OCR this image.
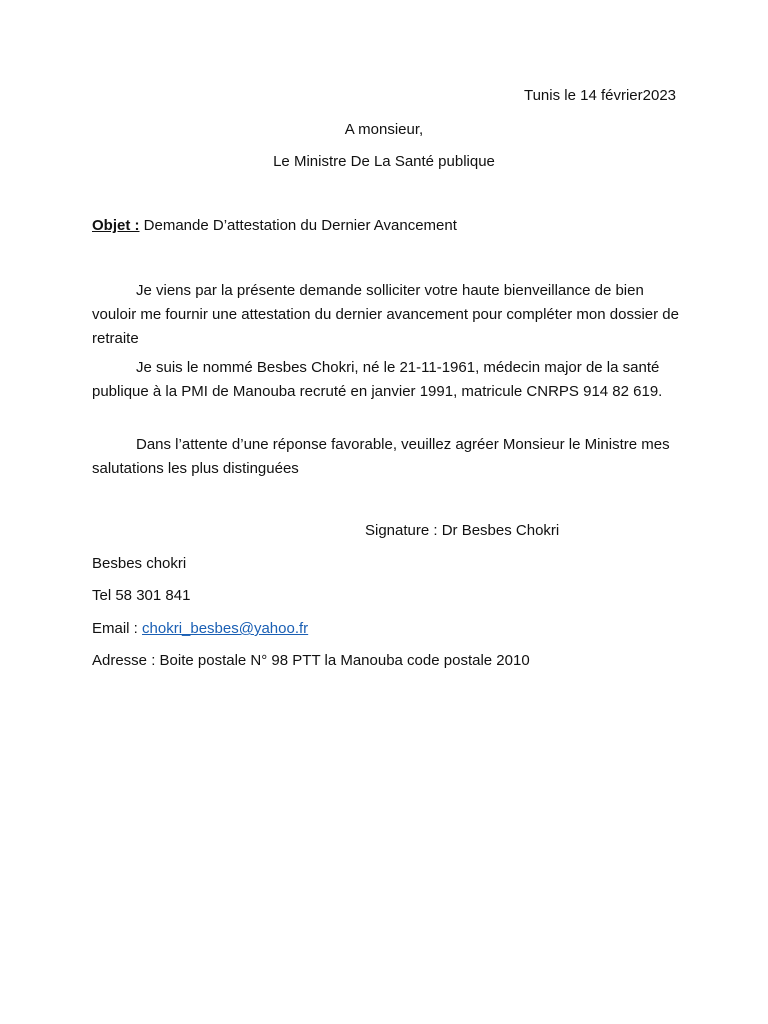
Tunis le 14 février2023
A monsieur,
Le Ministre De La Santé publique
Objet : Demande D’attestation du Dernier Avancement
Je viens par la présente demande solliciter votre haute bienveillance de bien vouloir me fournir une attestation du dernier avancement pour compléter mon dossier de retraite
Je suis le nommé Besbes Chokri, né le 21-11-1961, médecin major de la santé publique à la PMI de Manouba recruté en janvier 1991, matricule CNRPS 914 82 619.
Dans l’attente d’une réponse favorable, veuillez agréer Monsieur le Ministre mes salutations les plus distinguées
Signature : Dr Besbes Chokri
Besbes chokri
Tel 58 301 841
Email : chokri_besbes@yahoo.fr
Adresse : Boite postale N° 98 PTT la Manouba code postale 2010
